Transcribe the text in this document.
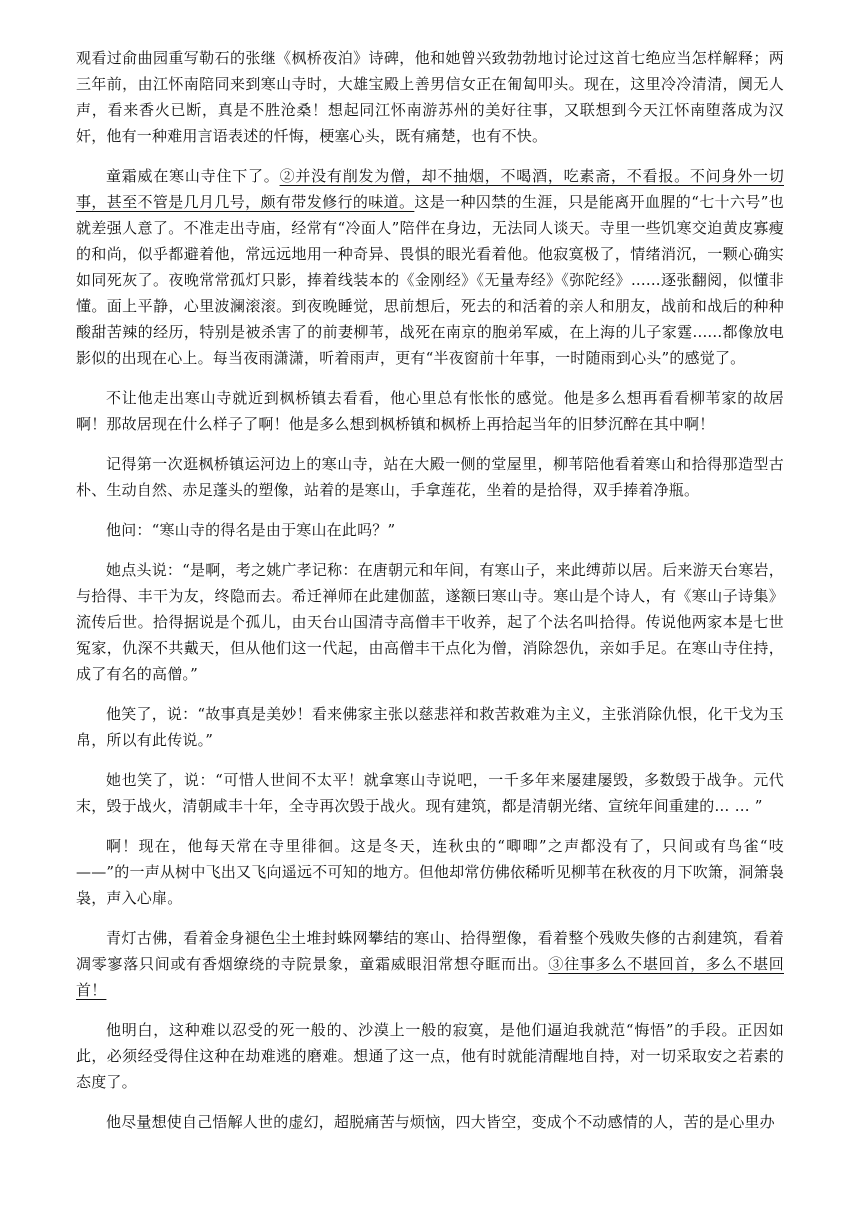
观看过俞曲园重写勒石的张继《枫桥夜泊》诗碑，他和她曾兴致勃勃地讨论过这首七绝应当怎样解释；两三年前，由江怀南陪同来到寒山寺时，大雄宝殿上善男信女正在匍匐叩头。现在，这里冷冷清清，阒无人声，看来香火已断，真是不胜沧桑！想起同江怀南游苏州的美好往事，又联想到今天江怀南堕落成为汉奸，他有一种难用言语表述的忏悔，梗塞心头，既有痛楚，也有不快。

童霜威在寒山寺住下了。②并没有削发为僧，却不抽烟，不喝酒，吃素斋，不看报。不问身外一切事，甚至不管是几月几号，颇有带发修行的味道。这是一种囚禁的生涯，只是能离开血腥的“七十六号”也就差强人意了。不准走出寺庙，经常有“冷面人”陪伴在身边，无法同人谈天。寺里一些饥寒交迫黄皮寡瘦的和尚，似乎都避着他，常远远地用一种奇异、畏惧的眼光看着他。他寂寞极了，情绪消沉，一颗心确实如同死灰了。夜晚常常孤灯只影，捧着线装本的《金刚经》《无量寿经》《弥陀经》......逐张翻阅，似懂非懂。面上平静，心里波澜滚滚。到夜晚睡觉，思前想后，死去的和活着的亲人和朋友，战前和战后的种种酸甜苦辣的经历，特别是被杀害了的前妻柳苇，战死在南京的胞弟军威，在上海的儿子家霆......都像放电影似的出现在心上。每当夜雨潇潇，听着雨声，更有“半夜窗前十年事，一时随雨到心头”的感觉了。

不让他走出寒山寺就近到枫桥镇去看看，他心里总有怅怅的感觉。他是多么想再看看柳苇家的故居啊！那故居现在什么样子了啊！他是多么想到枫桥镇和枫桥上再拾起当年的旧梦沉醉在其中啊！

记得第一次逛枫桥镇运河边上的寒山寺，站在大殿一侧的堂屋里，柳苇陪他看着寒山和拾得那造型古朴、生动自然、赤足蓬头的塑像，站着的是寒山，手拿莲花，坐着的是拾得，双手捧着净瓶。

他问：“寒山寺的得名是由于寒山在此吗？”

她点头说：“是啊，考之姚广孝记称：在唐朝元和年间，有寒山子，来此缚茆以居。后来游天台寒岩，与拾得、丰干为友，终隐而去。希迁禅师在此建伽蓝，遂额曰寒山寺。寒山是个诗人，有《寒山子诗集》流传后世。拾得据说是个孤儿，由天台山国清寺高僧丰干收养，起了个法名叫拾得。传说他两家本是七世冤家，仇深不共戴天，但从他们这一代起，由高僧丰干点化为僧，消除怨仇，亲如手足。在寒山寺住持，成了有名的高僧。”

他笑了，说：“故事真是美妙！看来佛家主张以慈悲祥和救苦救难为主义，主张消除仇恨，化干戈为玉帛，所以有此传说。”

她也笑了，说：“可惜人世间不太平！就拿寒山寺说吧，一千多年来屡建屡毁，多数毁于战争。元代末，毁于战火，清朝咸丰十年，全寺再次毁于战火。现有建筑，都是清朝光绪、宣统年间重建的… … ”

啊！现在，他每天常在寺里徘徊。这是冬天，连秋虫的“唧唧”之声都没有了，只间或有鸟雀“吱——”的一声从树中飞出又飞向遥远不可知的地方。但他却常仿佛依稀听见柳苇在秋夜的月下吹箫，洞箫袅袅，声入心扉。

青灯古佛，看着金身褪色尘土堆封蛛网攀结的寒山、拾得塑像，看着整个残败失修的古刹建筑，看着凋零寥落只间或有香烟缭绕的寺院景象，童霜威眼泪常想夺眶而出。③往事多么不堪回首，多么不堪回首！

他明白，这种难以忍受的死一般的、沙漠上一般的寂寞，是他们逼迫我就范“悔悟”的手段。正因如此，必须经受得住这种在劫难逃的磨难。想通了这一点，他有时就能清醒地自持，对一切采取安之若素的态度了。

他尽量想使自己悟解人世的虚幻，超脱痛苦与烦恼，四大皆空，变成个不动感情的人，苦的是心里办
